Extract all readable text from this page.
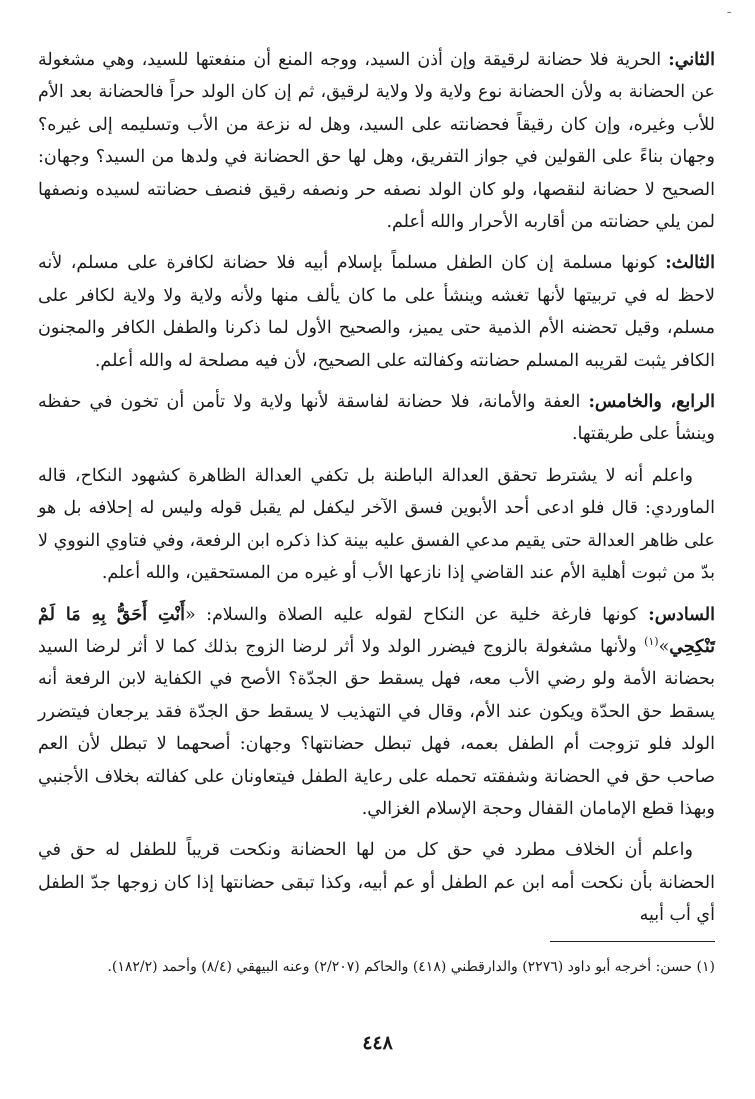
ـ

الثاني: الحرية فلا حضانة لرقيقة وإن أذن السيد، ووجه المنع أن منفعتها للسيد، وهي مشغولة عن الحضانة به ولأن الحضانة نوع ولاية ولا ولاية لرقيق، ثم إن كان الولد حراً فالحضانة بعد الأم للأب وغيره، وإن كان رقيقاً فحضانته على السيد، وهل له نزعة من الأب وتسليمه إلى غيره؟ وجهان بناءً على القولين في جواز التفريق، وهل لها حق الحضانة في ولدها من السيد؟ وجهان: الصحيح لا حضانة لنقصها، ولو كان الولد نصفه حر ونصفه رقيق فنصف حضانته لسيده ونصفها لمن يلي حضانته من أقاربه الأحرار والله أعلم.

الثالث: كونها مسلمة إن كان الطفل مسلماً بإسلام أبيه فلا حضانة لكافرة على مسلم، لأنه لاحظ له في تربيتها لأنها تغشه وينشأ على ما كان يألف منها ولأنه ولاية ولا ولاية لكافر على مسلم، وقيل تحضنه الأم الذمية حتى يميز، والصحيح الأول لما ذكرنا والطفل الكافر والمجنون الكافر يثبت لقريبه المسلم حضانته وكفالته على الصحيح، لأن فيه مصلحة له والله أعلم.

الرابع، والخامس: العفة والأمانة، فلا حضانة لفاسقة لأنها ولاية ولا تأمن أن تخون في حفظه وينشأ على طريقتها.

واعلم أنه لا يشترط تحقق العدالة الباطنة بل تكفي العدالة الظاهرة كشهود النكاح، قاله الماوردي: قال فلو ادعى أحد الأبوين فسق الآخر ليكفل لم يقبل قوله وليس له إحلافه بل هو على ظاهر العدالة حتى يقيم مدعي الفسق عليه بينة كذا ذكره ابن الرفعة، وفي فتاوي النووي لا بدّ من ثبوت أهلية الأم عند القاضي إذا نازعها الأب أو غيره من المستحقين، والله أعلم.

السادس: كونها فارغة خلية عن النكاح لقوله عليه الصلاة والسلام: «أَنْتِ أَحَقُّ بِهِ مَا لَمْ تَنْكِحِي»$^{(١)}$ ولأنها مشغولة بالزوج فيضرر الولد ولا أثر لرضا الزوج بذلك كما لا أثر لرضا السيد بحضانة الأمة ولو رضي الأب معه، فهل يسقط حق الجدّة؟ الأصح في الكفاية لابن الرفعة أنه يسقط حق الحدّة ويكون عند الأم، وقال في التهذيب لا يسقط حق الجدّة فقد يرجعان فيتضرر الولد فلو تزوجت أم الطفل بعمه، فهل تبطل حضانتها؟ وجهان: أصحهما لا تبطل لأن العم صاحب حق في الحضانة وشفقته تحمله على رعاية الطفل فيتعاونان على كفالته بخلاف الأجنبي وبهذا قطع الإمامان القفال وحجة الإسلام الغزالي.

واعلم أن الخلاف مطرد في حق كل من لها الحضانة ونكحت قريباً للطفل له حق في الحضانة بأن نكحت أمه ابن عم الطفل أو عم أبيه، وكذا تبقى حضانتها إذا كان زوجها جدّ الطفل أي أب أبيه

(١) حسن: أخرجه أبو داود (٢٢٧٦) والدارقطني (٤١٨) والحاكم (٢/٢٠٧) وعنه البيهقي (٨/٤) وأحمد (١٨٢/٢).
٤٤٨
